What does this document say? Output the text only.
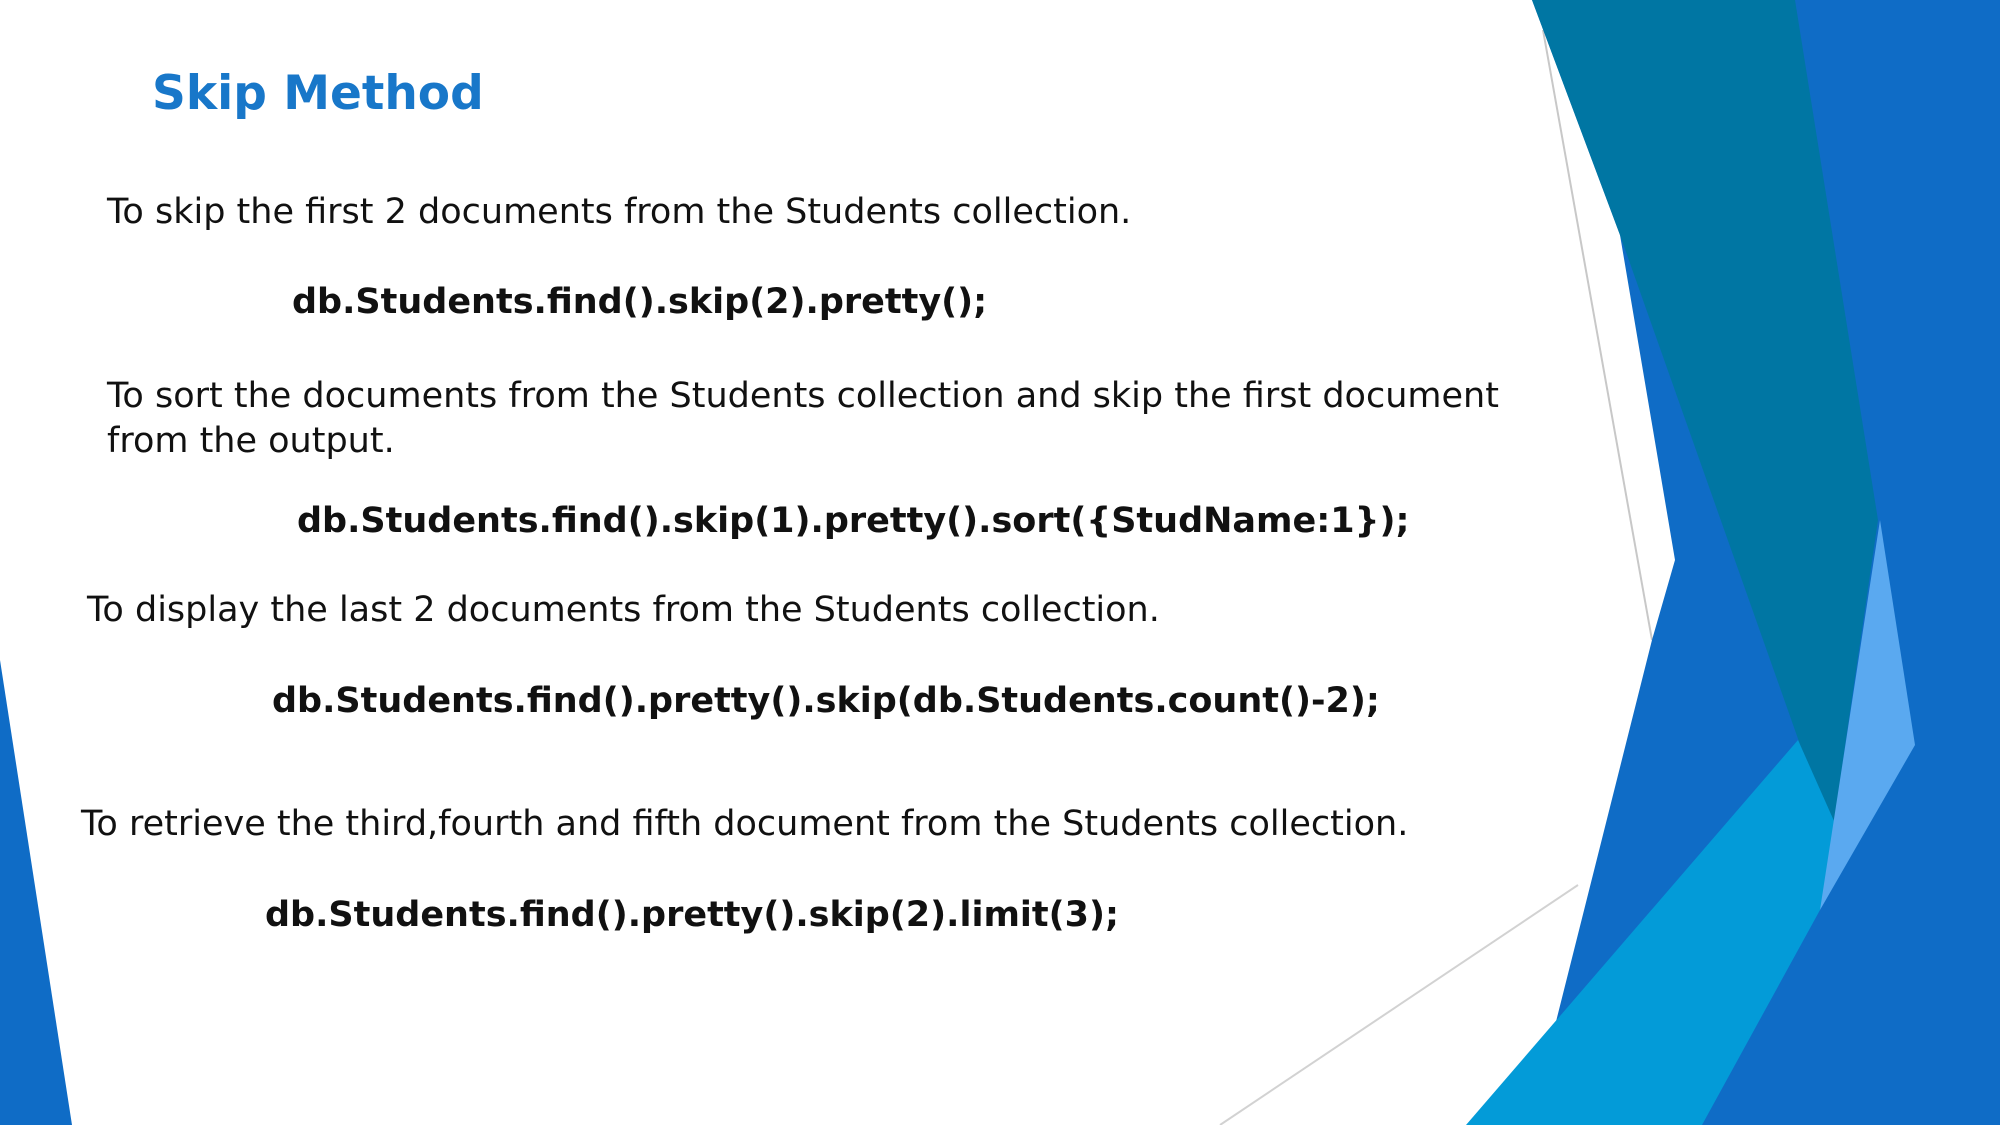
Skip Method

To skip the first 2 documents from the Students collection.

db.Students.find().skip(2).pretty();

To sort the documents from the Students collection and skip the first document from the output.

db.Students.find().skip(1).pretty().sort({StudName:1});

To display the last 2 documents from the Students collection.

db.Students.find().pretty().skip(db.Students.count()-2);

To retrieve the third,fourth and fifth document from the Students collection.

db.Students.find().pretty().skip(2).limit(3);
